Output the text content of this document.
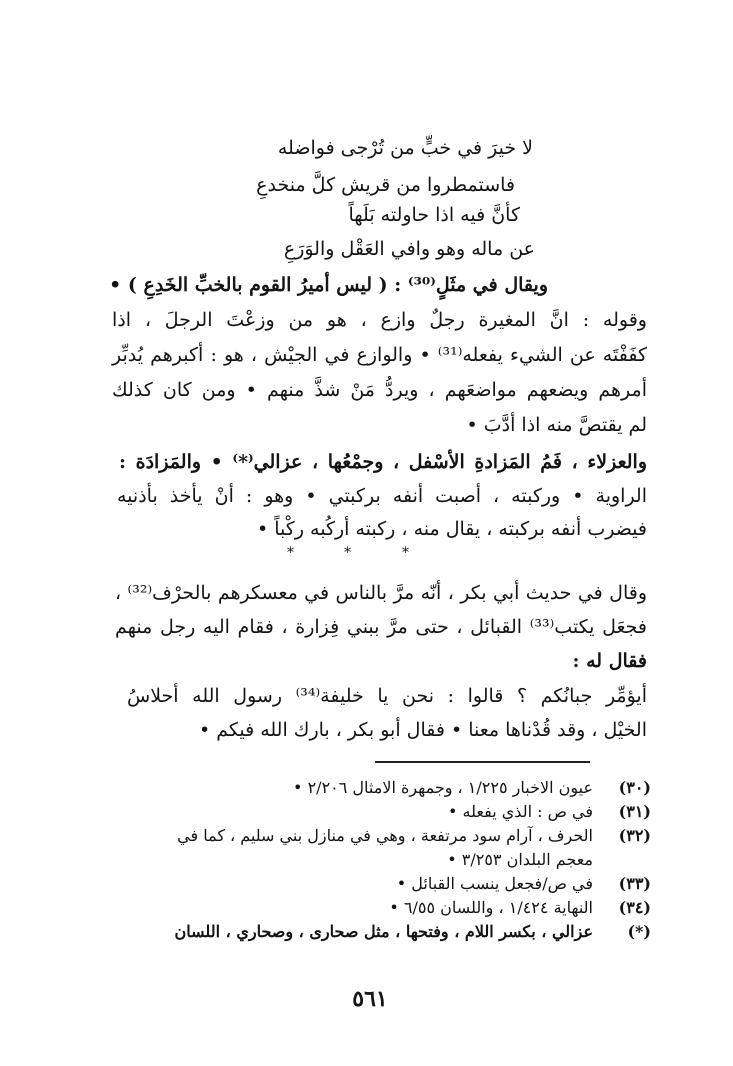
لا خيرَ في خبٍّ من تُرْجى فواضله
فاستمطروا من قريش كلَّ منخدعِ
كأنَّ فيه اذا حاولته بَلَهاً
عن ماله وهو وافي العَقْل والوَرَعِ
ويقال في مثَلٍ⁽³⁰⁾ : ( ليس أميرُ القوم بالخبِّ الخَدِعِ ) •
وقوله : انَّ المغيرة رجلٌ وازع ، هو من وزعْتَ الرجلَ ، اذا
كفَفْتَه عن الشيء يفعله⁽³¹⁾ • والوازع في الجيْش ، هو : أكبرهم يُدبِّر
أمرهم ويضعهم مواضعَهم ، ويردُّ مَنْ شذَّ منهم • ومن كان كذلك
لم يقتصَّ منه اذا أدَّبَ •
والعزلاء ، فَمُ المَزادةِ الأسْفل ، وجمْعُها ، عزالي⁽*⁾ • والمَزادَة :
الراوية • وركبته ، أصبت أنفه بركبتي • وهو : أنْ يأخذ بأذنيه
فيضرب أنفه بركبته ، يقال منه ، ركبته أركُبه ركْباً •
*	*	*
وقال في حديث أبي بكر ، أنّه مرَّ بالناس في معسكرهم بالحرْف⁽³²⁾ ،
فجعَل يكتب⁽³³⁾ القبائل ، حتى مرَّ ببني فِزارة ، فقام اليه رجل منهم
فقال له :
أيؤمِّر جبانُكم ؟ قالوا : نحن يا خليفة⁽³⁴⁾ رسول الله أحلاسُ
الخيْل ، وقد قُدْناها معنا • فقال أبو بكر ، بارك الله فيكم •
(٣٠)عيون الاخبار ١/٢٢٥ ، وجمهرة الامثال ٢/٢٠٦ •
(٣١)في ص : الذي يفعله •
(٣٢)الحرف ، آرام سود مرتفعة ، وهي في منازل بني سليم ، كما في
معجم البلدان ٣/٢٥٣ •
(٣٣)في ص/فجعل ينسب القبائل •
(٣٤)النهاية ١/٤٢٤ ، واللسان ٦/٥٥ •
(*)عزالي ، بكسر اللام ، وفتحها ، مثل صحارى ، وصحاري ، اللسان
٥٦١
